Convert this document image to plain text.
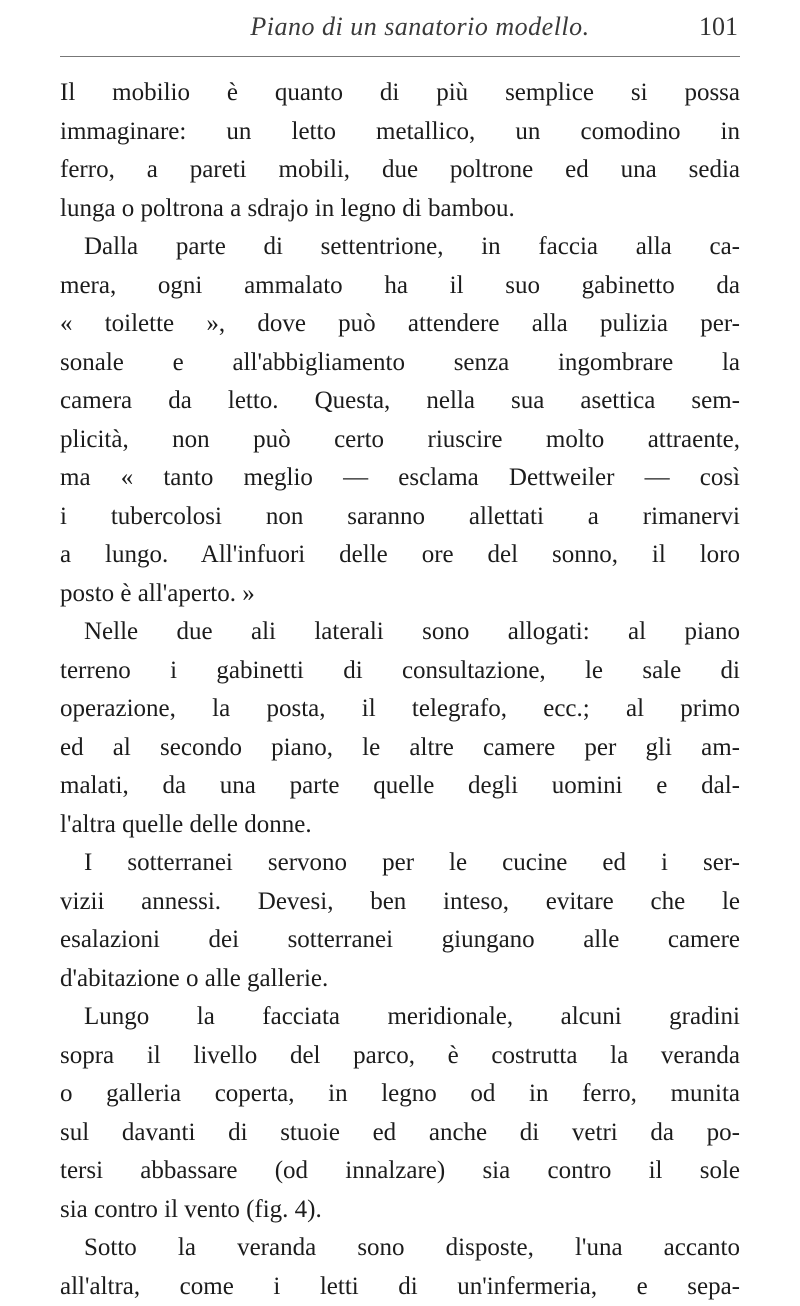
Piano di un sanatorio modello.	101
Il mobilio è quanto di più semplice si possa
immaginare: un letto metallico, un comodino in
ferro, a pareti mobili, due poltrone ed una sedia
lunga o poltrona a sdrajo in legno di bambou.
Dalla parte di settentrione, in faccia alla ca-
mera, ogni ammalato ha il suo gabinetto da
« toilette », dove può attendere alla pulizia per-
sonale e all'abbigliamento senza ingombrare la
camera da letto. Questa, nella sua asettica sem-
plicità, non può certo riuscire molto attraente,
ma « tanto meglio — esclama Dettweiler — così
i tubercolosi non saranno allettati a rimanervi
a lungo. All'infuori delle ore del sonno, il loro
posto è all'aperto. »
Nelle due ali laterali sono allogati: al piano
terreno i gabinetti di consultazione, le sale di
operazione, la posta, il telegrafo, ecc.; al primo
ed al secondo piano, le altre camere per gli am-
malati, da una parte quelle degli uomini e dal-
l'altra quelle delle donne.
I sotterranei servono per le cucine ed i ser-
vizii annessi. Devesi, ben inteso, evitare che le
esalazioni dei sotterranei giungano alle camere
d'abitazione o alle gallerie.
Lungo la facciata meridionale, alcuni gradini
sopra il livello del parco, è costrutta la veranda
o galleria coperta, in legno od in ferro, munita
sul davanti di stuoie ed anche di vetri da po-
tersi abbassare (od innalzare) sia contro il sole
sia contro il vento (fig. 4).
Sotto la veranda sono disposte, l'una accanto
all'altra, come i letti di un'infermeria, e sepa-
